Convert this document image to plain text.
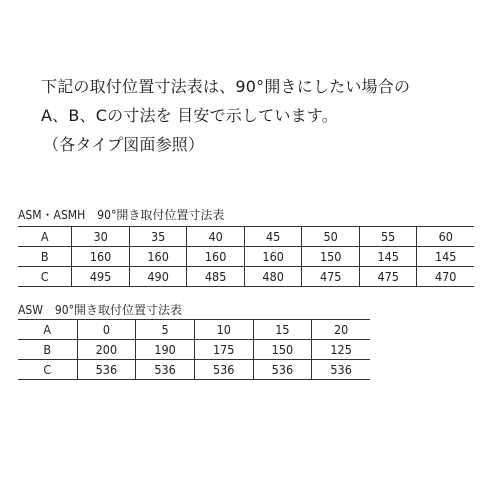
下記の取付位置寸法表は、90°開きにしたい場合の
A、B、Cの寸法を 目安で示しています。
（各タイプ図面参照）
ASM・ASMH　90°開き取付位置寸法表
A	30	35	40	45	50	55	60
B	160	160	160	160	150	145	145
C	495	490	485	480	475	475	470
ASW　90°開き取付位置寸法表
A	0	5	10	15	20
B	200	190	175	150	125
C	536	536	536	536	536
